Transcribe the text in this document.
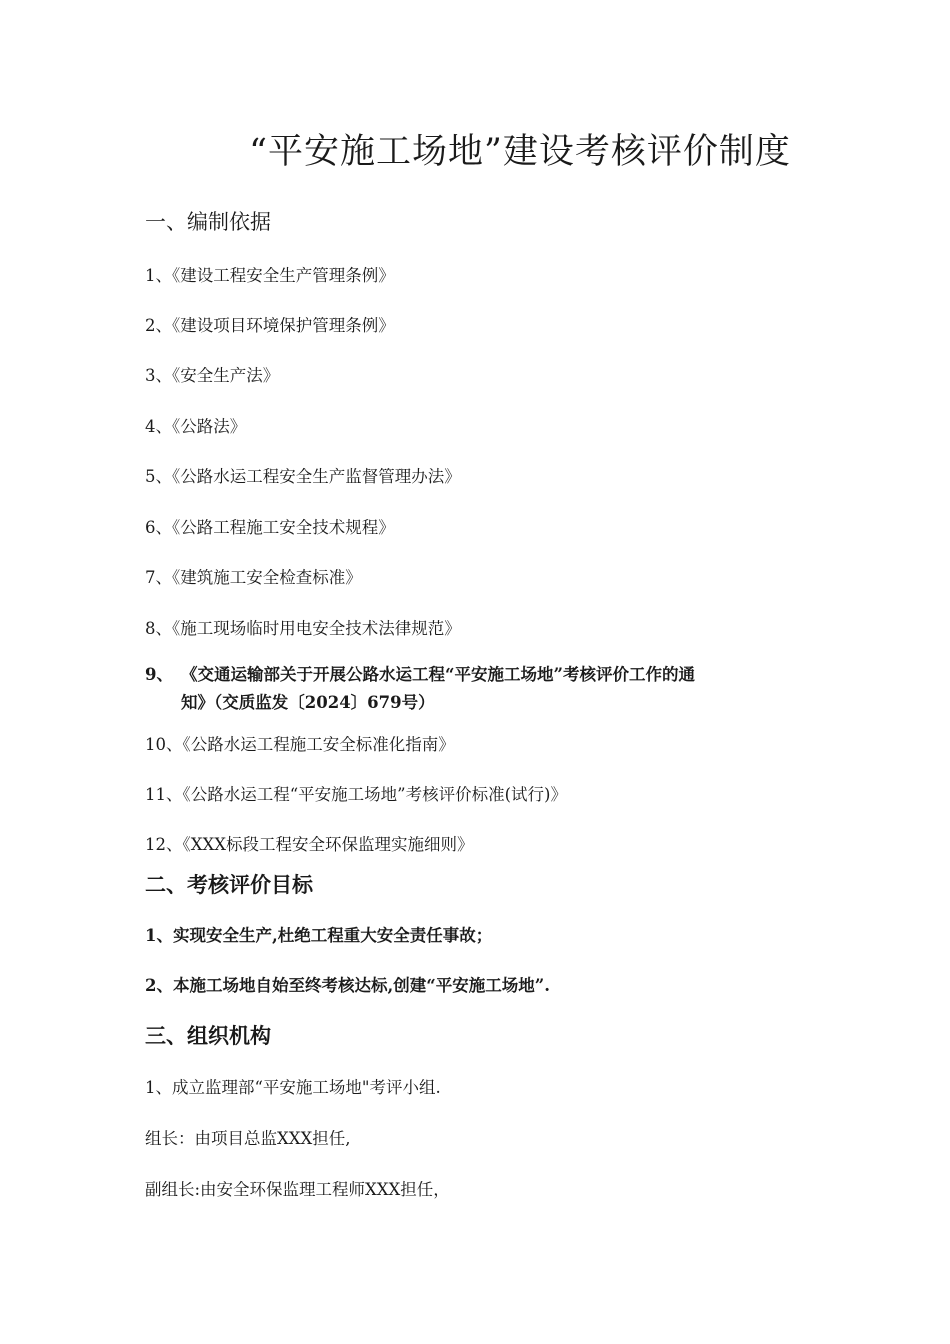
“平安施工场地”建设考核评价制度
一、编制依据
1、《建设工程安全生产管理条例》
2、《建设项目环境保护管理条例》
3、《安全生产法》
4、《公路法》
5、《公路水运工程安全生产监督管理办法》
6、《公路工程施工安全技术规程》
7、《建筑施工安全检查标准》
8、《施工现场临时用电安全技术法律规范》
9、 《交通运输部关于开展公路水运工程“平安施工场地”考核评价工作的通
知》（交质监发〔2024〕679号）
10、《公路水运工程施工安全标准化指南》
11、《公路水运工程“平安施工场地”考核评价标准(试行)》
12、《XXX标段工程安全环保监理实施细则》
二、考核评价目标
1、实现安全生产,杜绝工程重大安全责任事故；
2、本施工场地自始至终考核达标,创建“平安施工场地”.
三、组织机构
1、成立监理部“平安施工场地"考评小组.
组长：由项目总监XXX担任,
副组长:由安全环保监理工程师XXX担任，
